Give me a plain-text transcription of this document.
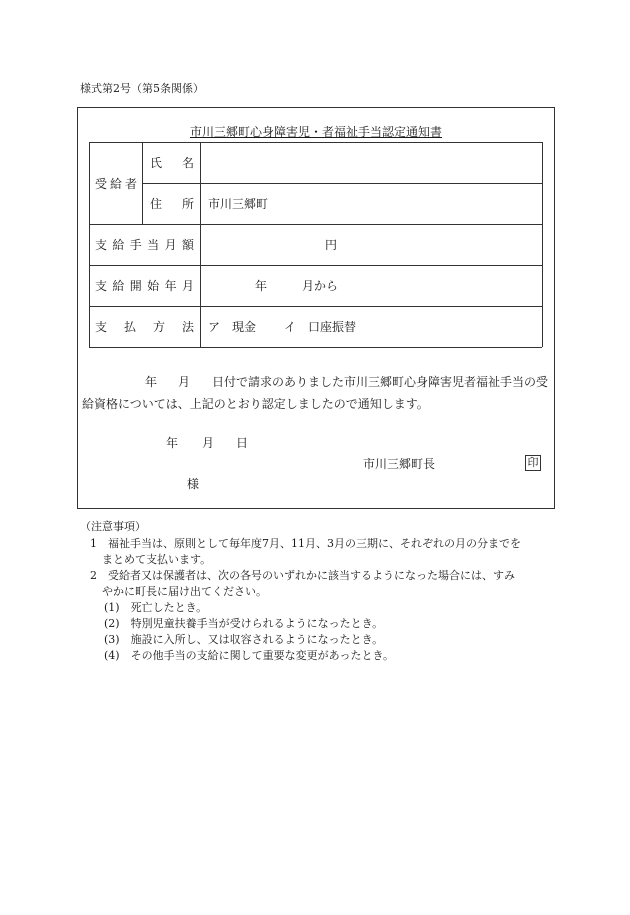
様式第2号（第5条関係）
市川三郷町心身障害児・者福祉手当認定通知書
受 給 者
氏 名
住 所 市川三郷町
支 給 手 当 月 額	円
支 給 開 始 年 月	年	月から
支 払 方 法 ア　現金 イ　口座振替
年 月 日付で請求のありました市川三郷町心身障害児者福祉手当の受
給資格については、上記のとおり認定しましたので通知します。
年 月 日
市川三郷町長	印
様
（注意事項）
1　福祉手当は、原則として毎年度7月、11月、3月の三期に、それぞれの月の分までを
まとめて支払います。
2　受給者又は保護者は、次の各号のいずれかに該当するようになった場合には、すみ
やかに町長に届け出てください。
(1)　死亡したとき。
(2)　特別児童扶養手当が受けられるようになったとき。
(3)　施設に入所し、又は収容されるようになったとき。
(4)　その他手当の支給に関して重要な変更があったとき。
